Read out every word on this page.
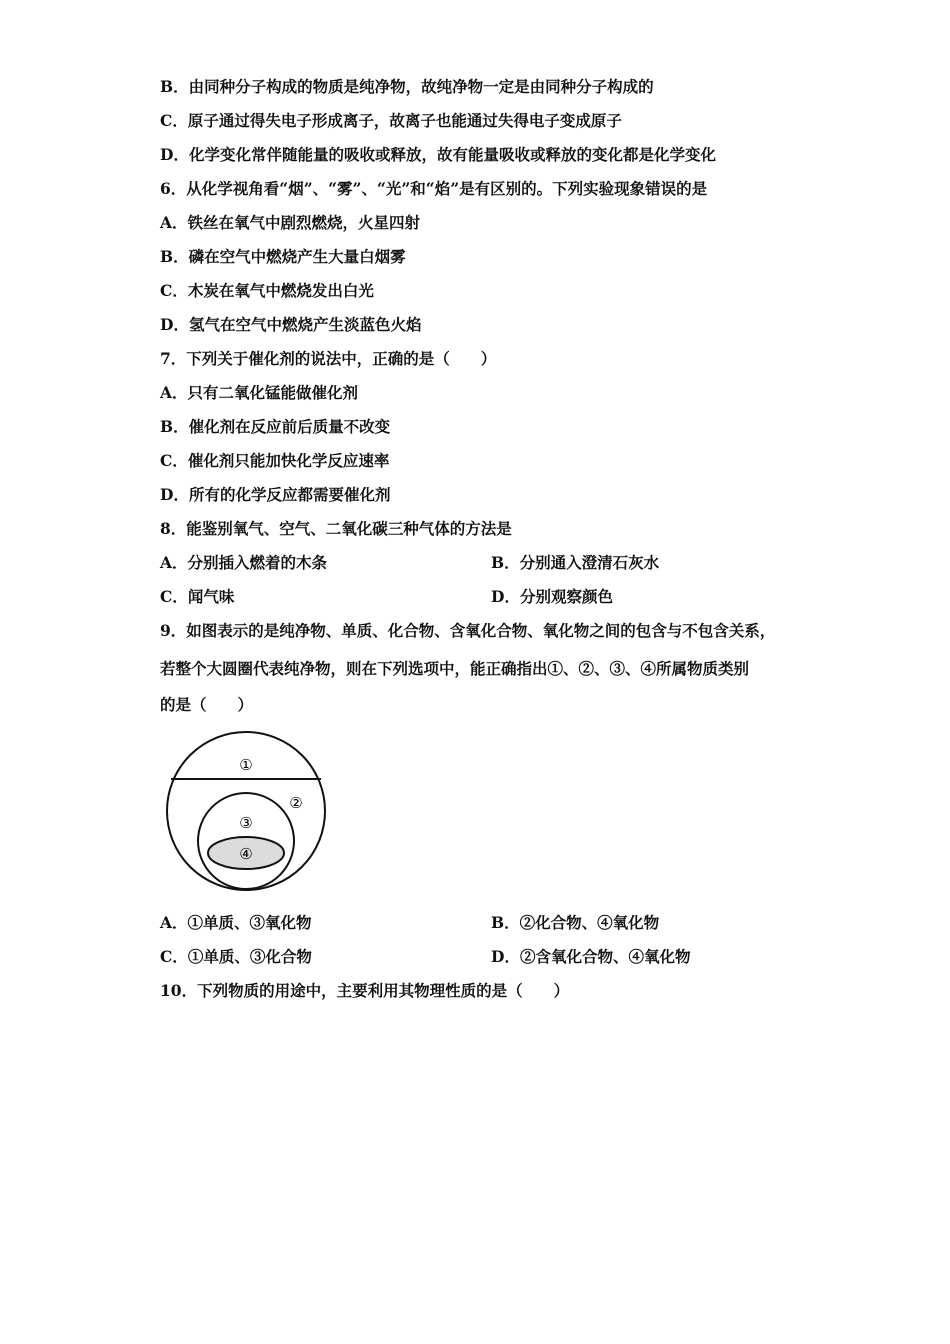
B．由同种分子构成的物质是纯净物，故纯净物一定是由同种分子构成的
C．原子通过得失电子形成离子，故离子也能通过失得电子变成原子
D．化学变化常伴随能量的吸收或释放，故有能量吸收或释放的变化都是化学变化
6．从化学视角看“烟”、“雾”、“光”和“焰”是有区别的。下列实验现象错误的是
A．铁丝在氧气中剧烈燃烧，火星四射
B．磷在空气中燃烧产生大量白烟雾
C．木炭在氧气中燃烧发出白光
D．氢气在空气中燃烧产生淡蓝色火焰
7．下列关于催化剂的说法中，正确的是（　　）
A．只有二氧化锰能做催化剂
B．催化剂在反应前后质量不改变
C．催化剂只能加快化学反应速率
D．所有的化学反应都需要催化剂
8．能鉴别氧气、空气、二氧化碳三种气体的方法是
A．分别插入燃着的木条	B．分别通入澄清石灰水
C．闻气味	D．分别观察颜色
9．如图表示的是纯净物、单质、化合物、含氧化合物、氧化物之间的包含与不包含关系，
若整个大圆圈代表纯净物，则在下列选项中，能正确指出①、②、③、④所属物质类别
的是（　　）
①
②
③
④
A．①单质、③氧化物	B．②化合物、④氧化物
C．①单质、③化合物	D．②含氧化合物、④氧化物
10．下列物质的用途中，主要利用其物理性质的是（　　）
